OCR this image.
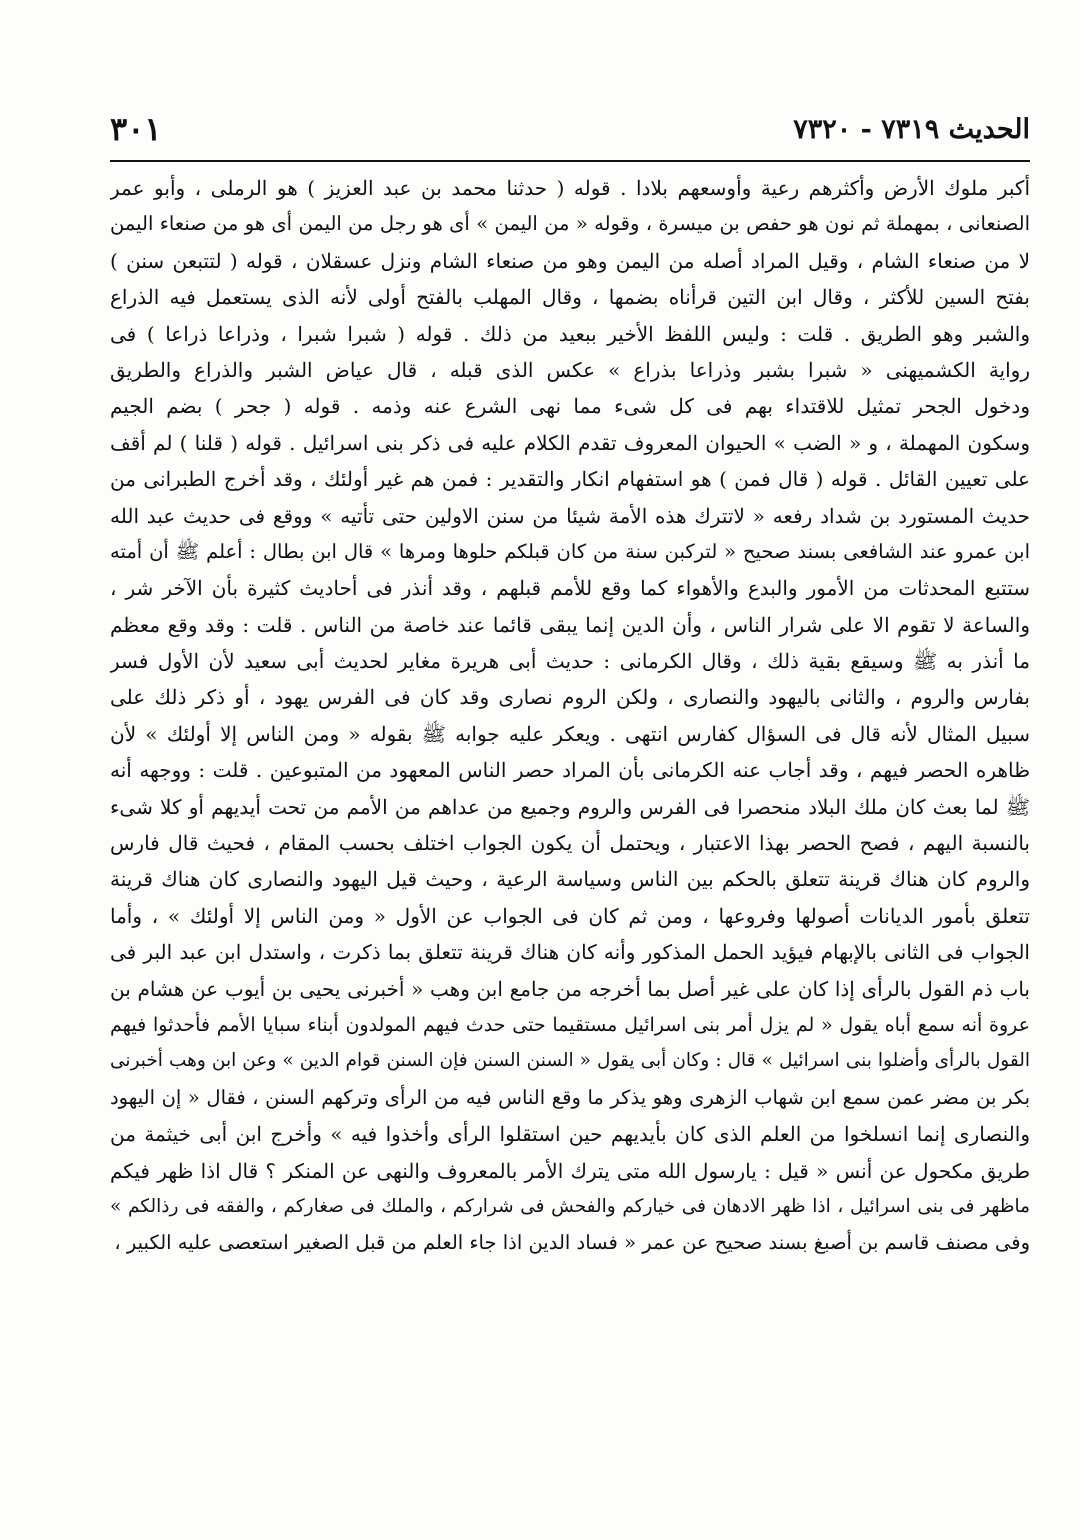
الحديث ٧٣١٩ - ٧٣٢٠
٣٠١
أكبر ملوك الأرض وأكثرهم رعية وأوسعهم بلادا . قوله ( حدثنا محمد بن عبد العزيز ) هو الرملى ، وأبو عمر
الصنعانى ، بمهملة ثم نون هو حفص بن ميسرة ، وقوله « من اليمن » أى هو رجل من اليمن أى هو من صنعاء اليمن
لا من صنعاء الشام ، وقيل المراد أصله من اليمن وهو من صنعاء الشام ونزل عسقلان ، قوله ( لتتبعن سنن )
بفتح السين للأكثر ، وقال ابن التين قرأناه بضمها ، وقال المهلب بالفتح أولى لأنه الذى يستعمل فيه الذراع
والشبر وهو الطريق . قلت : وليس اللفظ الأخير ببعيد من ذلك . قوله ( شبرا شبرا ، وذراعا ذراعا ) فى
رواية الكشميهنى « شبرا بشبر وذراعا بذراع » عكس الذى قبله ، قال عياض الشبر والذراع والطريق
ودخول الجحر تمثيل للاقتداء بهم فى كل شىء مما نهى الشرع عنه وذمه . قوله ( جحر ) بضم الجيم
وسكون المهملة ، و « الضب » الحيوان المعروف تقدم الكلام عليه فى ذكر بنى اسرائيل . قوله ( قلنا ) لم أقف
على تعيين القائل . قوله ( قال فمن ) هو استفهام انكار والتقدير : فمن هم غير أولئك ، وقد أخرج الطبرانى من
حديث المستورد بن شداد رفعه « لاتترك هذه الأمة شيئا من سنن الاولين حتى تأتيه » ووقع فى حديث عبد الله
ابن عمرو عند الشافعى بسند صحيح « لتركبن سنة من كان قبلكم حلوها ومرها » قال ابن بطال : أعلم ﷺ أن أمته
ستتبع المحدثات من الأمور والبدع والأهواء كما وقع للأمم قبلهم ، وقد أنذر فى أحاديث كثيرة بأن الآخر شر ،
والساعة لا تقوم الا على شرار الناس ، وأن الدين إنما يبقى قائما عند خاصة من الناس . قلت : وقد وقع معظم
ما أنذر به ﷺ وسيقع بقية ذلك ، وقال الكرمانى : حديث أبى هريرة مغاير لحديث أبى سعيد لأن الأول فسر
بفارس والروم ، والثانى باليهود والنصارى ، ولكن الروم نصارى وقد كان فى الفرس يهود ، أو ذكر ذلك على
سبيل المثال لأنه قال فى السؤال كفارس انتهى . ويعكر عليه جوابه ﷺ بقوله « ومن الناس إلا أولئك » لأن
ظاهره الحصر فيهم ، وقد أجاب عنه الكرمانى بأن المراد حصر الناس المعهود من المتبوعين . قلت : ووجهه أنه
ﷺ لما بعث كان ملك البلاد منحصرا فى الفرس والروم وجميع من عداهم من الأمم من تحت أيديهم أو كلا شىء
بالنسبة اليهم ، فصح الحصر بهذا الاعتبار ، ويحتمل أن يكون الجواب اختلف بحسب المقام ، فحيث قال فارس
والروم كان هناك قرينة تتعلق بالحكم بين الناس وسياسة الرعية ، وحيث قيل اليهود والنصارى كان هناك قرينة
تتعلق بأمور الديانات أصولها وفروعها ، ومن ثم كان فى الجواب عن الأول « ومن الناس إلا أولئك » ، وأما
الجواب فى الثانى بالإبهام فيؤيد الحمل المذكور وأنه كان هناك قرينة تتعلق بما ذكرت ، واستدل ابن عبد البر فى
باب ذم القول بالرأى إذا كان على غير أصل بما أخرجه من جامع ابن وهب « أخبرنى يحيى بن أيوب عن هشام بن
عروة أنه سمع أباه يقول « لم يزل أمر بنى اسرائيل مستقيما حتى حدث فيهم المولدون أبناء سبايا الأمم فأحدثوا فيهم
القول بالرأى وأضلوا بنى اسرائيل » قال : وكان أبى يقول « السنن السنن فإن السنن قوام الدين » وعن ابن وهب أخبرنى
بكر بن مضر عمن سمع ابن شهاب الزهرى وهو يذكر ما وقع الناس فيه من الرأى وتركهم السنن ، فقال « إن اليهود
والنصارى إنما انسلخوا من العلم الذى كان بأيديهم حين استقلوا الرأى وأخذوا فيه » وأخرج ابن أبى خيثمة من
طريق مكحول عن أنس « قيل : يارسول الله متى يترك الأمر بالمعروف والنهى عن المنكر ؟ قال اذا ظهر فيكم
ماظهر فى بنى اسرائيل ، اذا ظهر الادهان فى خياركم والفحش فى شراركم ، والملك فى صغاركم ، والفقه فى رذالكم »
وفى مصنف قاسم بن أصبغ بسند صحيح عن عمر « فساد الدين اذا جاء العلم من قبل الصغير استعصى عليه الكبير ،
